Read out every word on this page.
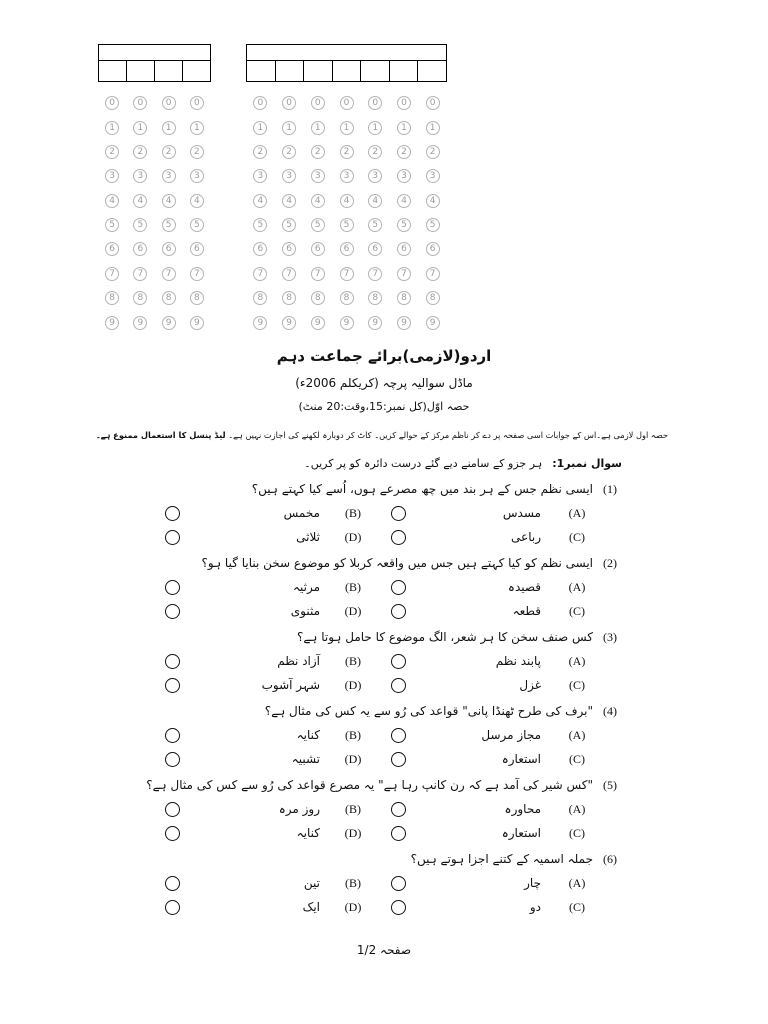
0
1
2
3
4
5
6
7
8
9
0
1
2
3
4
5
6
7
8
9
0
1
2
3
4
5
6
7
8
9
0
1
2
3
4
5
6
7
8
9
0
1
2
3
4
5
6
7
8
9
0
1
2
3
4
5
6
7
8
9
0
1
2
3
4
5
6
7
8
9
0
1
2
3
4
5
6
7
8
9
0
1
2
3
4
5
6
7
8
9
0
1
2
3
4
5
6
7
8
9
0
1
2
3
4
5
6
7
8
9
اردو(لازمی)برائے جماعت دہم
ماڈل سوالیہ پرچہ (کریکلم 2006ء)
حصہ اوّل(کل نمبر:15،وقت:20 منٹ)
حصہ اول لازمی ہے۔اس کے جوابات اسی صفحہ پر دے کر ناظم مرکز کے حوالے کریں۔ کاٹ کر دوبارہ لکھنے کی اجازت نہیں ہے۔ لیڈ پنسل کا استعمال ممنوع ہے۔
سوال نمبر1:ہر جزو کے سامنے دیے گئے درست دائرہ کو پر کریں۔
(1)
ایسی نظم جس کے ہر بند میں چھ مصرعے ہوں، اُسے کیا کہتے ہیں؟
(A)
مسدس
(B)
مخمس
(C)
رباعی
(D)
ثلاثی
(2)
ایسی نظم کو کیا کہتے ہیں جس میں واقعہ کربلا کو موضوع سخن بنایا گیا ہو؟
(A)
قصیدہ
(B)
مرثیہ
(C)
قطعہ
(D)
مثنوی
(3)
کس صنف سخن کا ہر شعر، الگ موضوع کا حامل ہوتا ہے؟
(A)
پابند نظم
(B)
آزاد نظم
(C)
غزل
(D)
شہر آشوب
(4)
"برف کی طرح ٹھنڈا پانی" قواعد کی رُو سے یہ کس کی مثال ہے؟
(A)
مجاز مرسل
(B)
کنایہ
(C)
استعارہ
(D)
تشبیہ
(5)
"کس شیر کی آمد ہے کہ رن کانپ رہا ہے" یہ مصرع قواعد کی رُو سے کس کی مثال ہے؟
(A)
محاورہ
(B)
روز مرہ
(C)
استعارہ
(D)
کنایہ
(6)
جملہ اسمیہ کے کتنے اجزا ہوتے ہیں؟
(A)
چار
(B)
تین
(C)
دو
(D)
ایک
صفحہ 1/2
